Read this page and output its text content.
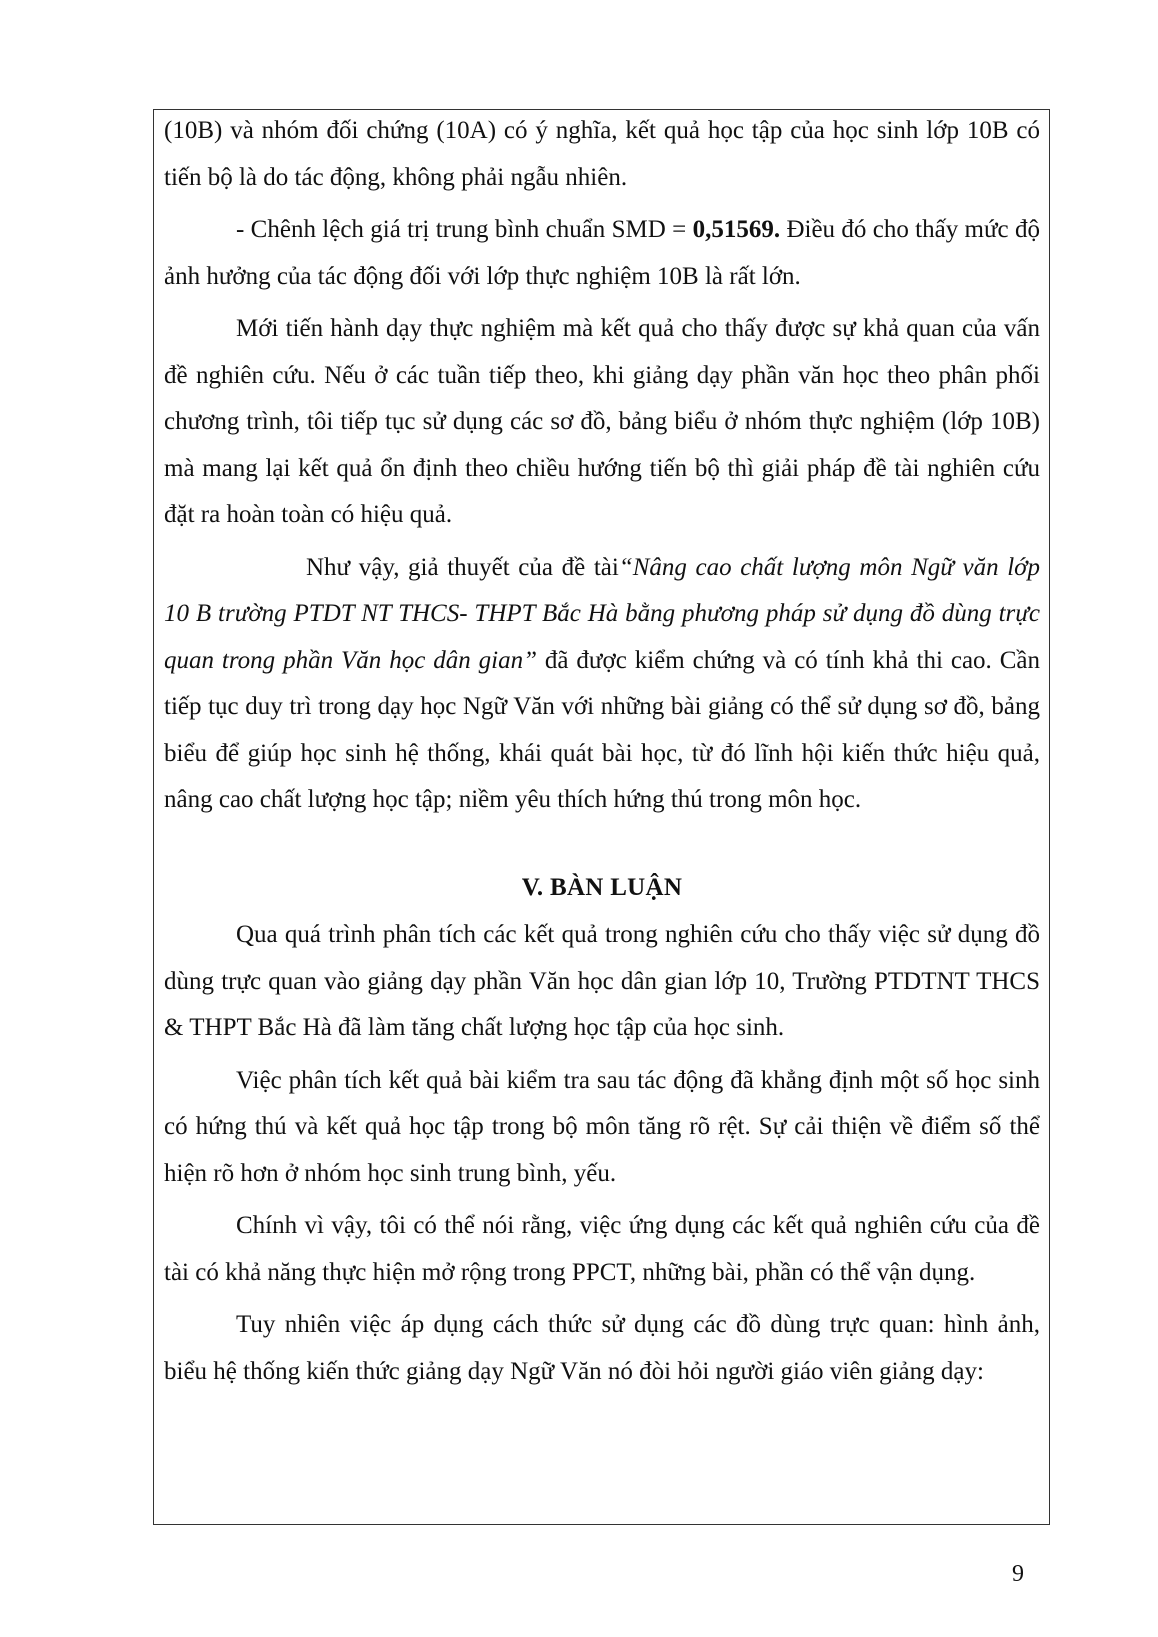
(10B) và nhóm đối chứng (10A) có ý nghĩa, kết quả học tập của học sinh lớp 10B có tiến bộ là do tác động, không phải ngẫu nhiên.

- Chênh lệch giá trị trung bình chuẩn SMD = 0,51569. Điều đó cho thấy mức độ ảnh hưởng của tác động đối với lớp thực nghiệm 10B là rất lớn.

Mới tiến hành dạy thực nghiệm mà kết quả cho thấy được sự khả quan của vấn đề nghiên cứu. Nếu ở các tuần tiếp theo, khi giảng dạy phần văn học theo phân phối chương trình, tôi tiếp tục sử dụng các sơ đồ, bảng biểu ở nhóm thực nghiệm (lớp 10B) mà mang lại kết quả ổn định theo chiều hướng tiến bộ thì giải pháp đề tài nghiên cứu đặt ra hoàn toàn có hiệu quả.

Như vậy, giả thuyết của đề tài“Nâng cao chất lượng môn Ngữ văn lớp 10 B trường PTDT NT THCS- THPT Bắc Hà bằng phương pháp sử dụng đồ dùng trực quan trong phần Văn học dân gian” đã được kiểm chứng và có tính khả thi cao. Cần tiếp tục duy trì trong dạy học Ngữ Văn với những bài giảng có thể sử dụng sơ đồ, bảng biểu để giúp học sinh hệ thống, khái quát bài học, từ đó lĩnh hội kiến thức hiệu quả, nâng cao chất lượng học tập; niềm yêu thích hứng thú trong môn học.

V. BÀN LUẬN

Qua quá trình phân tích các kết quả trong nghiên cứu cho thấy việc sử dụng đồ dùng trực quan vào giảng dạy phần Văn học dân gian lớp 10, Trường PTDTNT THCS & THPT Bắc Hà đã làm tăng chất lượng học tập của học sinh.

Việc phân tích kết quả bài kiểm tra sau tác động đã khẳng định một số học sinh có hứng thú và kết quả học tập trong bộ môn tăng rõ rệt. Sự cải thiện về điểm số thể hiện rõ hơn ở nhóm học sinh trung bình, yếu.

Chính vì vậy, tôi có thể nói rằng, việc ứng dụng các kết quả nghiên cứu của đề tài có khả năng thực hiện mở rộng trong PPCT, những bài, phần có thể vận dụng.

Tuy nhiên việc áp dụng cách thức sử dụng các đồ dùng trực quan: hình ảnh, biểu hệ thống kiến thức giảng dạy Ngữ Văn nó đòi hỏi người giáo viên giảng dạy:

9
